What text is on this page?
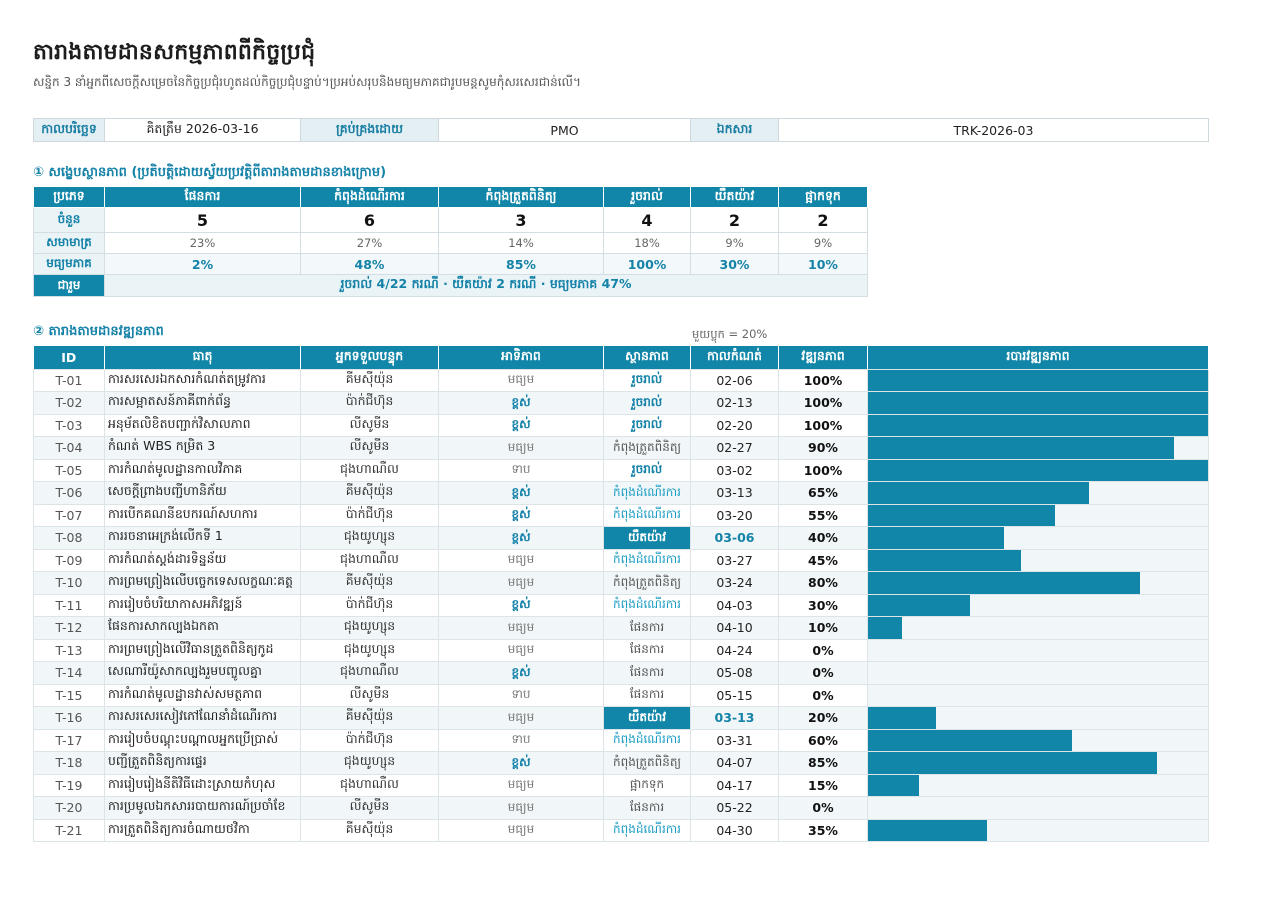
តារាងតាមដានសកម្មភាពពីកិច្ចប្រជុំ
សន្និក 3 នាំអ្នកពីសេចក្ដីសម្រេចនៃកិច្ចប្រជុំរហូតដល់កិច្ចប្រជុំបន្ទាប់។ប្រអប់សរុបនិងមធ្យមភាគជារូបមន្តសូមកុំសរសេរជាន់លើ។
កាលបរិច្ឆេទ	គិតត្រឹម 2026-03-16	គ្រប់គ្រងដោយ	PMO	ឯកសារ	TRK-2026-03
① សង្ខេបស្ថានភាព (ប្រតិបត្តិដោយស្វ័យប្រវត្តិពីតារាងតាមដានខាងក្រោម)
ប្រភេទ	ផែនការ	កំពុងដំណើរការ	កំពុងត្រួតពិនិត្យ	រួចរាល់	យឺតយ៉ាវ	ផ្អាកទុក
ចំនួន	5	6	3	4	2	2
សមាមាត្រ	23%	27%	14%	18%	9%	9%
មធ្យមភាគ	2%	48%	85%	100%	30%	10%
ជារួម	រួចរាល់ 4/22 ករណី · យឺតយ៉ាវ 2 ករណី · មធ្យមភាគ 47%					
② តារាងតាមដានវឌ្ឍនភាព	មួយប្លុក = 20%
ID	ធាតុ	អ្នកទទួលបន្ទុក	អាទិភាព	ស្ថានភាព	កាលកំណត់	វឌ្ឍនភាព	របារវឌ្ឍនភាព
T-01	ការសរសេរឯកសារកំណត់តម្រូវការ	គីមស៊ីយ៉ុន	មធ្យម	រួចរាល់	02-06	100%	

T-02	ការសម្អាតសន៍ភាគីពាក់ព័ន្ធ	ប៉ាក់ជីហ៊ុន	ខ្ពស់	រួចរាល់	02-13	100%	

T-03	អនុម័តលិខិតបញ្ជាក់វិសាលភាព	លីសូមីន	ខ្ពស់	រួចរាល់	02-20	100%	

T-04	កំណត់ WBS កម្រិត 3	លីសូមីន	មធ្យម	កំពុងត្រួតពិនិត្យ	02-27	90%	

T-05	ការកំណត់មូលដ្ឋានកាលវិភាគ	ជុងហាណឺល	ទាប	រួចរាល់	03-02	100%	

T-06	សេចក្ដីព្រាងបញ្ជីហានិភ័យ	គីមស៊ីយ៉ុន	ខ្ពស់	កំពុងដំណើរការ	03-13	65%	

T-07	ការបើកគណនីឧបករណ៍សហការ	ប៉ាក់ជីហ៊ុន	ខ្ពស់	កំពុងដំណើរការ	03-20	55%	

T-08	ការរចនាអេក្រង់លើកទី 1	ជុងយូហ្សុន	ខ្ពស់	យឺតយ៉ាវ	03-06	40%	

T-09	ការកំណត់ស្តង់ដារទិន្នន័យ	ជុងហាណឺល	មធ្យម	កំពុងដំណើរការ	03-27	45%	

T-10	ការព្រមព្រៀងលើបច្ចេកទេសលក្ខណៈគត្ត	គីមស៊ីយ៉ុន	មធ្យម	កំពុងត្រួតពិនិត្យ	03-24	80%	

T-11	ការរៀបចំបរិយាកាសអភិវឌ្ឍន៍	ប៉ាក់ជីហ៊ុន	ខ្ពស់	កំពុងដំណើរការ	04-03	30%	

T-12	ផែនការសាកល្បងឯកតា	ជុងយូហ្សុន	មធ្យម	ផែនការ	04-10	10%	

T-13	ការព្រមព្រៀងលើវិធានត្រួតពិនិត្យកូដ	ជុងយូហ្សុន	មធ្យម	ផែនការ	04-24	0%	

T-14	សេណារីយ៉ូសាកល្បងរួមបញ្ចូលគ្នា	ជុងហាណឺល	ខ្ពស់	ផែនការ	05-08	0%	

T-15	ការកំណត់មូលដ្ឋានវាស់សមត្ថភាព	លីសូមីន	ទាប	ផែនការ	05-15	0%	

T-16	ការសរសេរសៀវភៅណែនាំដំណើរការ	គីមស៊ីយ៉ុន	មធ្យម	យឺតយ៉ាវ	03-13	20%	

T-17	ការរៀបចំបណ្តុះបណ្តាលអ្នកប្រើប្រាស់	ប៉ាក់ជីហ៊ុន	ទាប	កំពុងដំណើរការ	03-31	60%	

T-18	បញ្ជីត្រួតពិនិត្យការផ្ទេរ	ជុងយូហ្សុន	ខ្ពស់	កំពុងត្រួតពិនិត្យ	04-07	85%	

T-19	ការរៀបរៀងនីតិវិធីដោះស្រាយកំហុស	ជុងហាណឺល	មធ្យម	ផ្អាកទុក	04-17	15%	

T-20	ការប្រមូលឯកសាររបាយការណ៍ប្រចាំខែ	លីសូមីន	មធ្យម	ផែនការ	05-22	0%	

T-21	ការត្រួតពិនិត្យការចំណាយថវិកា	គីមស៊ីយ៉ុន	មធ្យម	កំពុងដំណើរការ	04-30	35%	
